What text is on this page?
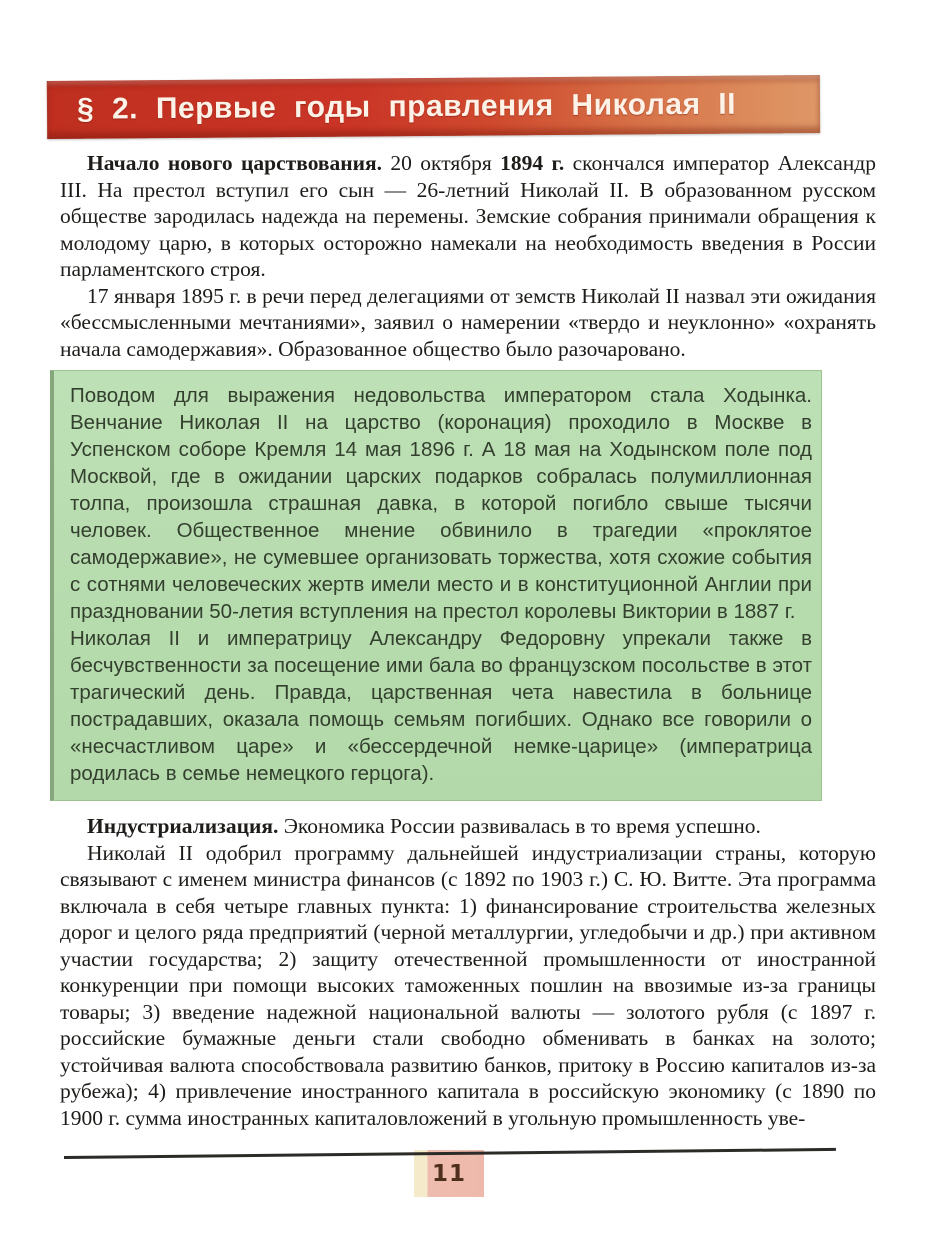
§ 2. Первые годы правления Николая II

Начало нового царствования. 20 октября 1894 г. скончался император Александр III. На престол вступил его сын — 26-летний Николай II. В образованном русском обществе зародилась надежда на перемены. Земские собрания принимали обращения к молодому царю, в которых осторожно намекали на необходимость введения в России парламентского строя.

17 января 1895 г. в речи перед делегациями от земств Николай II назвал эти ожидания «бессмысленными мечтаниями», заявил о намерении «твердо и неуклонно» «охранять начала самодержавия». Образованное общество было разочаровано.

Поводом для выражения недовольства императором стала Ходынка. Венчание Николая II на царство (коронация) проходило в Москве в Успенском соборе Кремля 14 мая 1896 г. А 18 мая на Ходынском поле под Москвой, где в ожидании царских подарков собралась полумиллионная толпа, произошла страшная давка, в которой погибло свыше тысячи человек. Общественное мнение обвинило в трагедии «проклятое самодержавие», не сумевшее организовать торжества, хотя схожие события с сотнями человеческих жертв имели место и в конституционной Англии при праздновании 50-летия вступления на престол королевы Виктории в 1887 г.

Николая II и императрицу Александру Федоровну упрекали также в бесчувственности за посещение ими бала во французском посольстве в этот трагический день. Правда, царственная чета навестила в больнице пострадавших, оказала помощь семьям погибших. Однако все говорили о «несчастливом царе» и «бессердечной немке-царице» (императрица родилась в семье немецкого герцога).

Индустриализация. Экономика России развивалась в то время успешно.

Николай II одобрил программу дальнейшей индустриализации страны, которую связывают с именем министра финансов (с 1892 по 1903 г.) С. Ю. Витте. Эта программа включала в себя четыре главных пункта: 1) финансирование строительства железных дорог и целого ряда предприятий (черной металлургии, угледобычи и др.) при активном участии государства; 2) защиту отечественной промышленности от иностранной конкуренции при помощи высоких таможенных пошлин на ввозимые из-за границы товары; 3) введение надежной национальной валюты — золотого рубля (с 1897 г. российские бумажные деньги стали свободно обменивать в банках на золото; устойчивая валюта способствовала развитию банков, притоку в Россию капиталов из-за рубежа); 4) привлечение иностранного капитала в российскую экономику (с 1890 по 1900 г. сумма иностранных капиталовложений в угольную промышленность уве-

11
